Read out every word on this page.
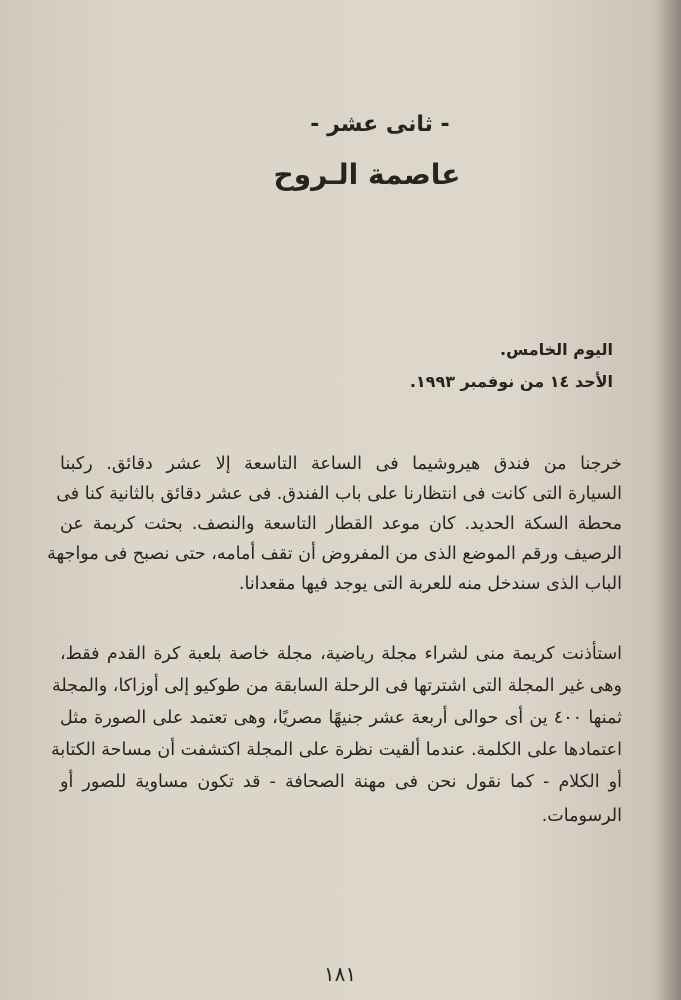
- ثانى عشر -
عاصمة الـروح
اليوم الخامس.
الأحد ١٤ من نوفمبر ١٩٩٣.
خرجنا من فندق هيروشيما فى الساعة التاسعة إلا عشر دقائق. ركبنا
السيارة التى كانت فى انتظارنا على باب الفندق. فى عشر دقائق بالثانية كنا فى
محطة السكة الحديد. كان موعد القطار التاسعة والنصف. بحثت كريمة عن
الرصيف ورقم الموضع الذى من المفروض أن تقف أمامه، حتى نصبح فى مواجهة
الباب الذى سندخل منه للعربة التى يوجد فيها مقعدانا.
استأذنت كريمة منى لشراء مجلة رياضية، مجلة خاصة بلعبة كرة القدم فقط،
وهى غير المجلة التى اشترتها فى الرحلة السابقة من طوكيو إلى أوزاكا، والمجلة
ثمنها ٤٠٠ ين أى حوالى أربعة عشر جنيهًا مصريًا، وهى تعتمد على الصورة مثل
اعتمادها على الكلمة. عندما ألقيت نظرة على المجلة اكتشفت أن مساحة الكتابة
أو الكلام - كما نقول نحن فى مهنة الصحافة - قد تكون مساوية للصور أو
الرسومات.
١٨١
